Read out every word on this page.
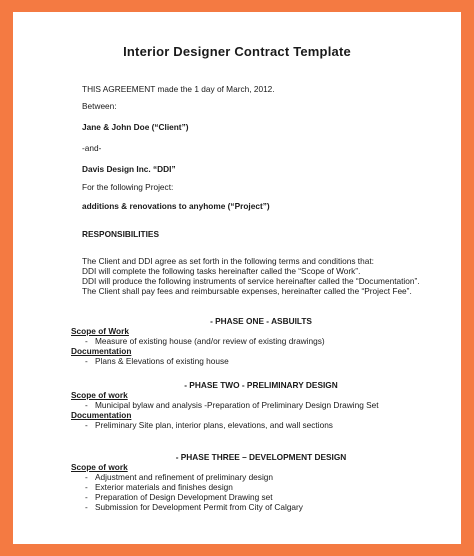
Interior Designer Contract Template
THIS AGREEMENT made the 1 day of March, 2012.
Between:
Jane & John Doe (“Client”)
-and-
Davis Design Inc. “DDI”
For the following Project:
additions & renovations to anyhome (“Project”)
RESPONSIBILITIES
The Client and DDI agree as set forth in the following terms and conditions that:
DDI will complete the following tasks hereinafter called the “Scope of Work”.
DDI will produce the following instruments of service hereinafter called the “Documentation”.
The Client shall pay fees and reimbursable expenses, hereinafter called the “Project Fee”.
- PHASE ONE - ASBUILTS
Scope of Work
- Measure of existing house (and/or review of existing drawings)
Documentation
- Plans & Elevations of existing house
- PHASE TWO - PRELIMINARY DESIGN
Scope of work
- Municipal bylaw and analysis -Preparation of Preliminary Design Drawing Set
Documentation
- Preliminary Site plan, interior plans, elevations, and wall sections
- PHASE THREE – DEVELOPMENT DESIGN
Scope of work
- Adjustment and refinement of preliminary design
- Exterior materials and finishes design
- Preparation of Design Development Drawing set
- Submission for Development Permit from City of Calgary
